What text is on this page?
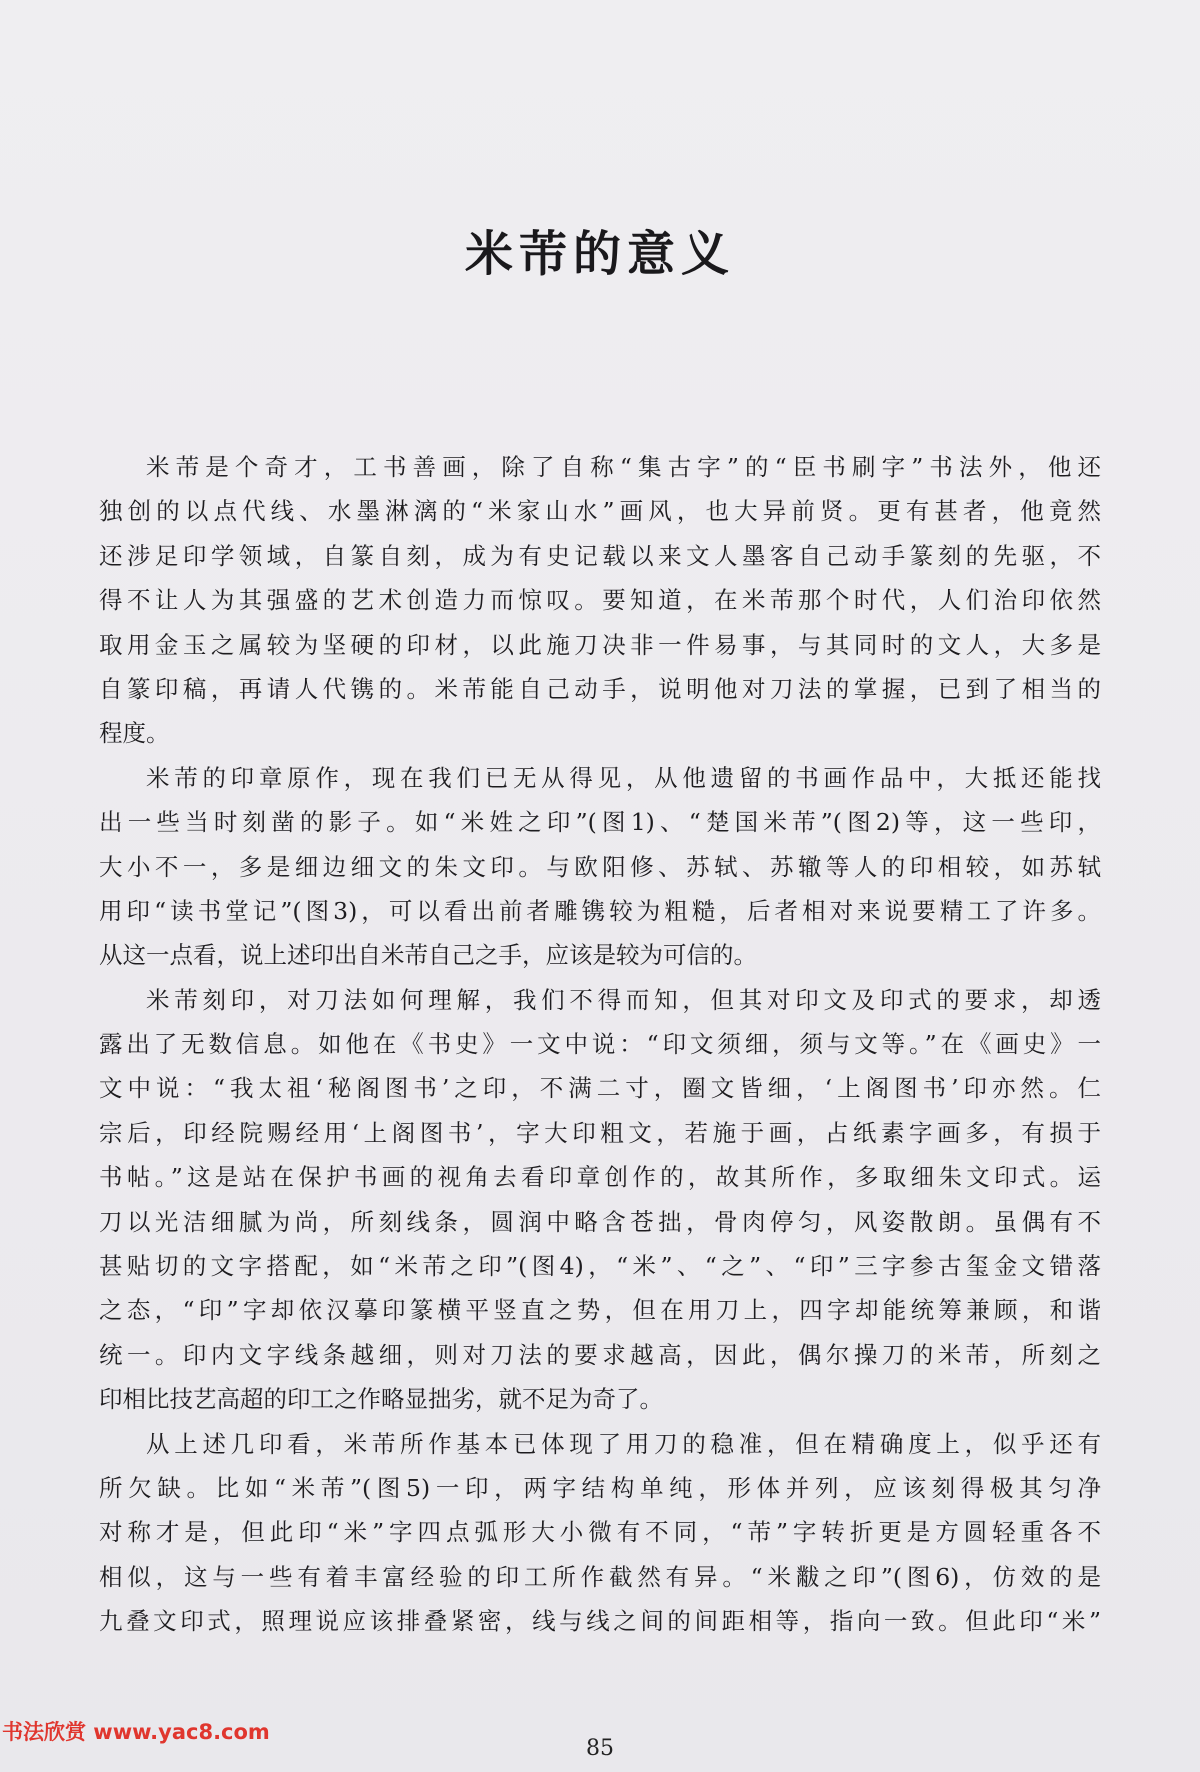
米芾的意义

米芾是个奇才，工书善画，除了自称“集古字”的“臣书刷字”书法外，他还
独创的以点代线、水墨淋漓的“米家山水”画风，也大异前贤。更有甚者，他竟然
还涉足印学领域，自篆自刻，成为有史记载以来文人墨客自己动手篆刻的先驱，不
得不让人为其强盛的艺术创造力而惊叹。要知道，在米芾那个时代，人们治印依然
取用金玉之属较为坚硬的印材，以此施刀决非一件易事，与其同时的文人，大多是
自篆印稿，再请人代镌的。米芾能自己动手，说明他对刀法的掌握，已到了相当的
程度。

米芾的印章原作，现在我们已无从得见，从他遗留的书画作品中，大抵还能找
出一些当时刻凿的影子。如“米姓之印”(图1)、“楚国米芾”(图2)等，这一些印，
大小不一，多是细边细文的朱文印。与欧阳修、苏轼、苏辙等人的印相较，如苏轼
用印“读书堂记”(图3)，可以看出前者雕镌较为粗糙，后者相对来说要精工了许多。
从这一点看，说上述印出自米芾自己之手，应该是较为可信的。

米芾刻印，对刀法如何理解，我们不得而知，但其对印文及印式的要求，却透
露出了无数信息。如他在《书史》一文中说：“印文须细，须与文等。”在《画史》一
文中说：“我太祖‘秘阁图书’之印，不满二寸，圈文皆细，‘上阁图书’印亦然。仁
宗后，印经院赐经用‘上阁图书’，字大印粗文，若施于画，占纸素字画多，有损于
书帖。”这是站在保护书画的视角去看印章创作的，故其所作，多取细朱文印式。运
刀以光洁细腻为尚，所刻线条，圆润中略含苍拙，骨肉停匀，风姿散朗。虽偶有不
甚贴切的文字搭配，如“米芾之印”(图4)，“米”、“之”、“印”三字参古玺金文错落
之态，“印”字却依汉摹印篆横平竖直之势，但在用刀上，四字却能统筹兼顾，和谐
统一。印内文字线条越细，则对刀法的要求越高，因此，偶尔操刀的米芾，所刻之
印相比技艺高超的印工之作略显拙劣，就不足为奇了。

从上述几印看，米芾所作基本已体现了用刀的稳准，但在精确度上，似乎还有
所欠缺。比如“米芾”(图5)一印，两字结构单纯，形体并列，应该刻得极其匀净
对称才是，但此印“米”字四点弧形大小微有不同，“芾”字转折更是方圆轻重各不
相似，这与一些有着丰富经验的印工所作截然有异。“米黻之印”(图6)，仿效的是
九叠文印式，照理说应该排叠紧密，线与线之间的间距相等，指向一致。但此印“米”

书法欣赏 www.yac8.com
85
